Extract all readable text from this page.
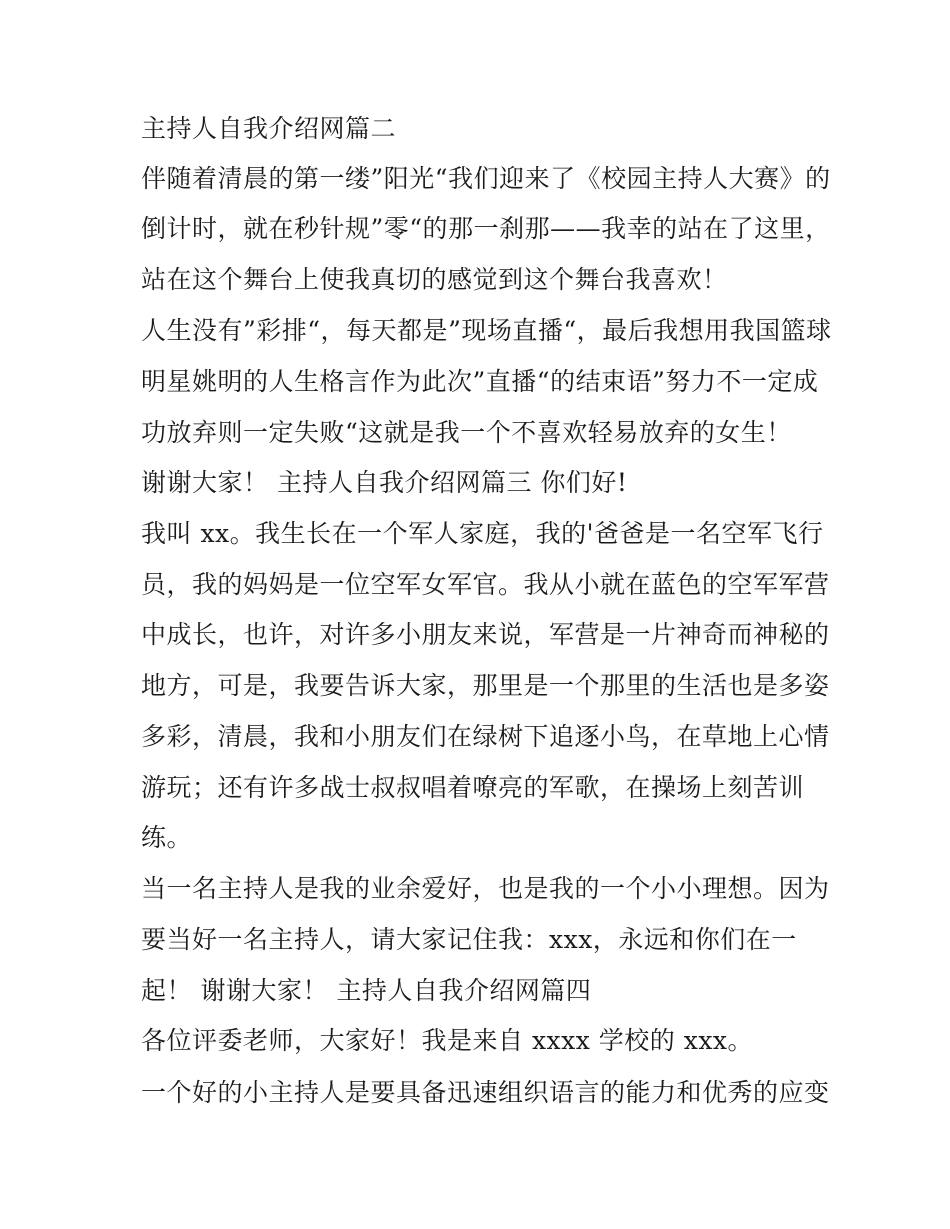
主持人自我介绍网篇二

伴随着清晨的第一缕”阳光“我们迎来了《校园主持人大赛》的

倒计时，就在秒针规”零“的那一刹那——我幸的站在了这里，

站在这个舞台上使我真切的感觉到这个舞台我喜欢！

人生没有”彩排“，每天都是”现场直播“，最后我想用我国篮球

明星姚明的人生格言作为此次”直播“的结束语”努力不一定成

功放弃则一定失败“这就是我一个不喜欢轻易放弃的女生！

谢谢大家！ 主持人自我介绍网篇三 你们好!

我叫 xx。我生长在一个军人家庭，我的'爸爸是一名空军飞行

员，我的妈妈是一位空军女军官。我从小就在蓝色的空军军营

中成长，也许，对许多小朋友来说，军营是一片神奇而神秘的

地方，可是，我要告诉大家，那里是一个那里的生活也是多姿

多彩，清晨，我和小朋友们在绿树下追逐小鸟，在草地上心情

游玩；还有许多战士叔叔唱着嘹亮的军歌，在操场上刻苦训

练。

当一名主持人是我的业余爱好，也是我的一个小小理想。因为

要当好一名主持人，请大家记住我：xxx，永远和你们在一

起！ 谢谢大家！ 主持人自我介绍网篇四

各位评委老师，大家好！我是来自 xxxx 学校的 xxx。

一个好的小主持人是要具备迅速组织语言的能力和优秀的应变
